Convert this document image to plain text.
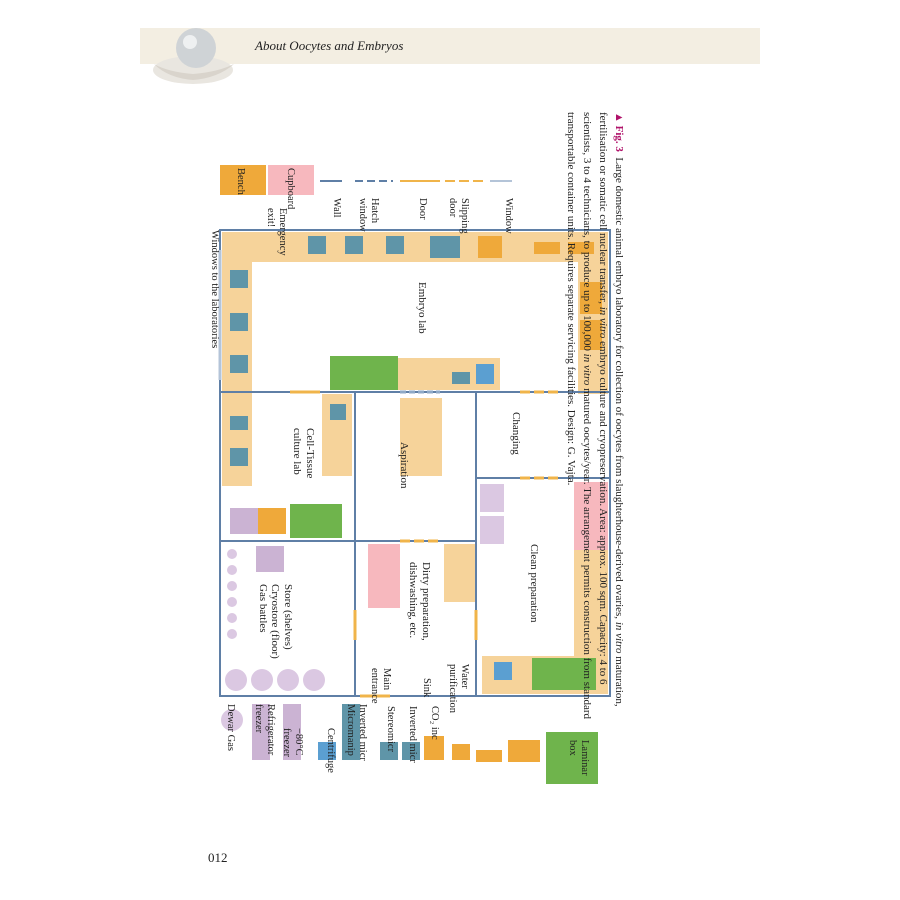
About Oocytes and Embryos
Bench	Cupboard	Wall	Hatch
window	Door	Slipping
door	Window
Windows to the laboratories	Emergency
exit!
Embryo lab
Cell-Tissue
culture lab	Aspiration
Changing
Store (shelves)
Cryostore (floor)
Gas battles	Dirty preparation,
dishwashing, etc.	Clean preparation
Main
entrance	Sink	Water
purification
Dewar Gas	Refrigerator
freezer
−80°C
freezer	Centrifuge	Inverted micr
Micromanip	Stereomicr Inverted micr CO₂ inc
Laminar
box
▲ Fig. 3  Large domestic animal embryo laboratory for collection of oocytes from slaughterhouse-derived ovaries, in vitro maturation,
fertilisation or somatic cell nuclear transfer, in vitro embryo culture and cryopreservation. Area: approx. 100 sqm. Capacity: 4 to 6
scientists, 3 to 4 technicians, to produce up to 100,000 in vitro matured oocytes/year. The arrangement permits construction from standard
transportable container units. Requires separate servicing facilities. Design: G. Vajta.
012
